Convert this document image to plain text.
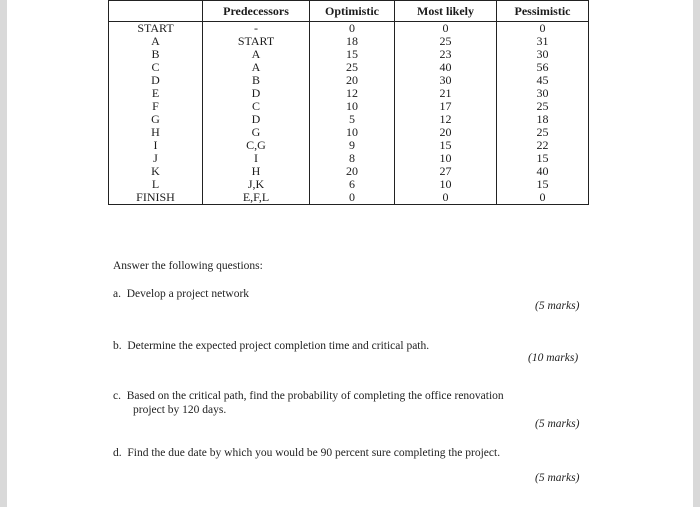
	Predecessors	Optimistic	Most likely	Pessimistic
START	-	0	0	0
A	START	18	25	31
B	A	15	23	30
C	A	25	40	56
D	B	20	30	45
E	D	12	21	30
F	C	10	17	25
G	D	5	12	18
H	G	10	20	25
I	C,G	9	15	22
J	I	8	10	15
K	H	20	27	40
L	J,K	6	10	15
FINISH	E,F,L	0	0	0
Answer the following questions:
a. Develop a project network
(5 marks)
b. Determine the expected project completion time and critical path.
(10 marks)
c. Based on the critical path, find the probability of completing the office renovation
project by 120 days.
(5 marks)
d. Find the due date by which you would be 90 percent sure completing the project.
(5 marks)
